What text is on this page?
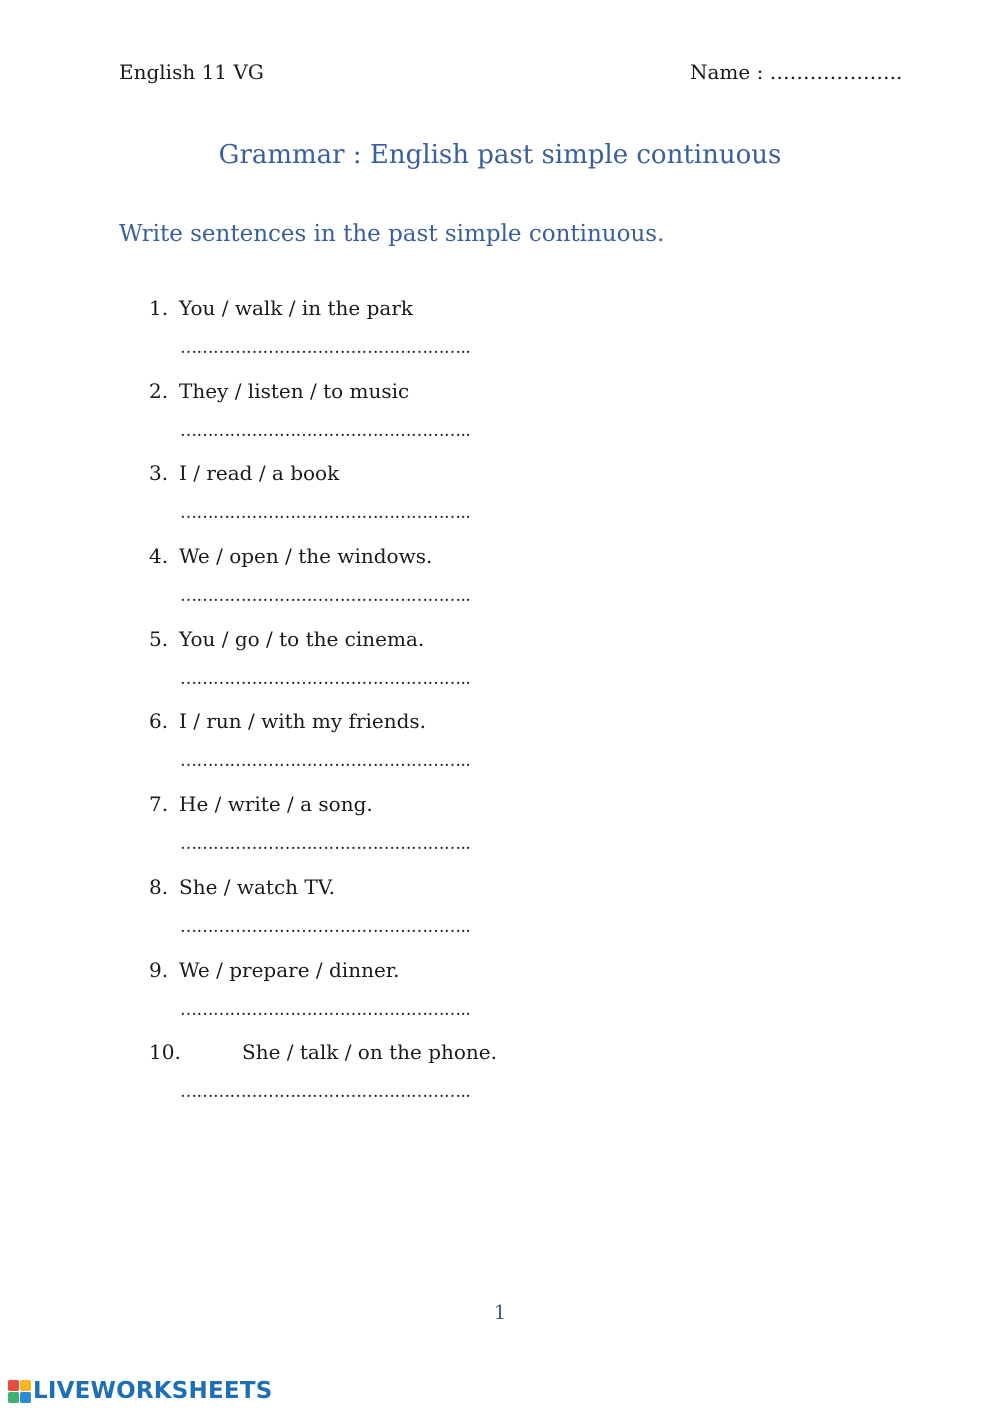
English 11 VG	Name : ………………..
Grammar : English past simple continuous
Write sentences in the past simple continuous.
1. You / walk / in the park
……………………………………………..
2. They / listen / to music
……………………………………………..
3. I / read / a book
……………………………………………..
4. We / open / the windows.
……………………………………………..
5. You / go / to the cinema.
……………………………………………..
6. I / run / with my friends.
……………………………………………..
7. He / write / a song.
……………………………………………..
8. She / watch TV.
……………………………………………..
9. We / prepare / dinner.
……………………………………………..
10.	She / talk / on the phone.
……………………………………………..
1
LIVEWORKSHEETS
